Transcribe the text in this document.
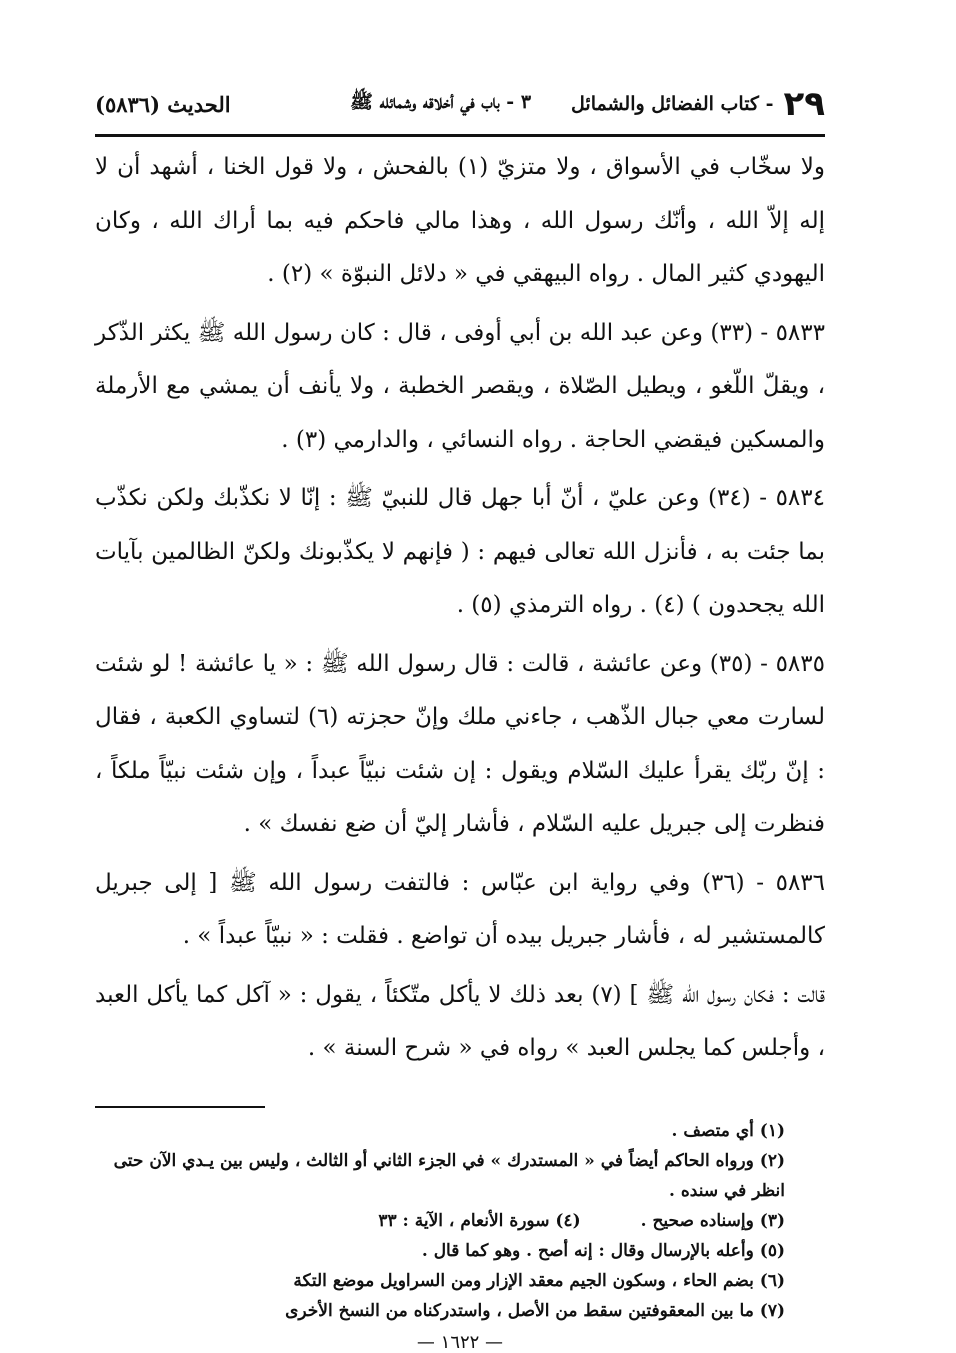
٢٩
- كتاب الفضائل والشمائل
٣ - باب في أخلاقه وشمائله ﷺ
الحديث (٥٨٣٦)

ولا سخّاب في الأسواق ، ولا متزيّ (١) بالفحش ، ولا قول الخنا ، أشهد أن لا إله إلاّ الله ، وأنّك رسول الله ، وهذا مالي فاحكم فيه بما أراك الله ، وكان اليهودي كثير المال . رواه البيهقي في « دلائل النبوّة » (٢) .

٥٨٣٣ - (٣٣) وعن عبد الله بن أبي أوفى ، قال : كان رسول الله ﷺ يكثر الذّكر ، ويقلّ اللّغو ، ويطيل الصّلاة ، ويقصر الخطبة ، ولا يأنف أن يمشي مع الأرملة والمسكين فيقضي الحاجة . رواه النسائي ، والدارمي (٣) .

٥٨٣٤ - (٣٤) وعن عليّ ، أنّ أبا جهل قال للنبيّ ﷺ : إنّا لا نكذّبك ولكن نكذّب بما جئت به ، فأنزل الله تعالى فيهم : ( فإنهم لا يكذّبونك ولكنّ الظالمين بآيات الله يجحدون ) (٤) . رواه الترمذي (٥) .

٥٨٣٥ - (٣٥) وعن عائشة ، قالت : قال رسول الله ﷺ : « يا عائشة ! لو شئت لسارت معي جبال الذّهب ، جاءني ملك وإنّ حجزته (٦) لتساوي الكعبة ، فقال : إنّ ربّك يقرأ عليك السّلام ويقول : إن شئت نبيّاً عبداً ، وإن شئت نبيّاً ملكاً ، فنظرت إلى جبريل عليه السّلام ، فأشار إليّ أن ضع نفسك » .

٥٨٣٦ - (٣٦) وفي رواية ابن عبّاس : فالتفت رسول الله ﷺ [ إلى جبريل كالمستشير له ، فأشار جبريل بيده أن تواضع . فقلت : « نبيّاً عبداً » .

قالت : فكان رسول الله ﷺ ] (٧) بعد ذلك لا يأكل متّكئاً ، يقول : « آكل كما يأكل العبد ، وأجلس كما يجلس العبد » رواه في « شرح السنة » .

(١) أي متصف .

(٢) ورواه الحاكم أيضاً في « المستدرك » في الجزء الثاني أو الثالث ، وليس بين يـدي الآن حتى انظر في سنده .

(٣) وإسناده صحيح .
(٤) سورة الأنعام ، الآية : ٣٣

(٥) وأعله بالإرسال وقال : إنه أصح . وهو كما قال .

(٦) بضم الحاء ، وسكون الجيم معقد الإزار ومن السراويل موضع التكة

(٧) ما بين المعقوفتين سقط من الأصل ، واستدركناه من النسخ الأخرى

— ١٦٢٢ —
